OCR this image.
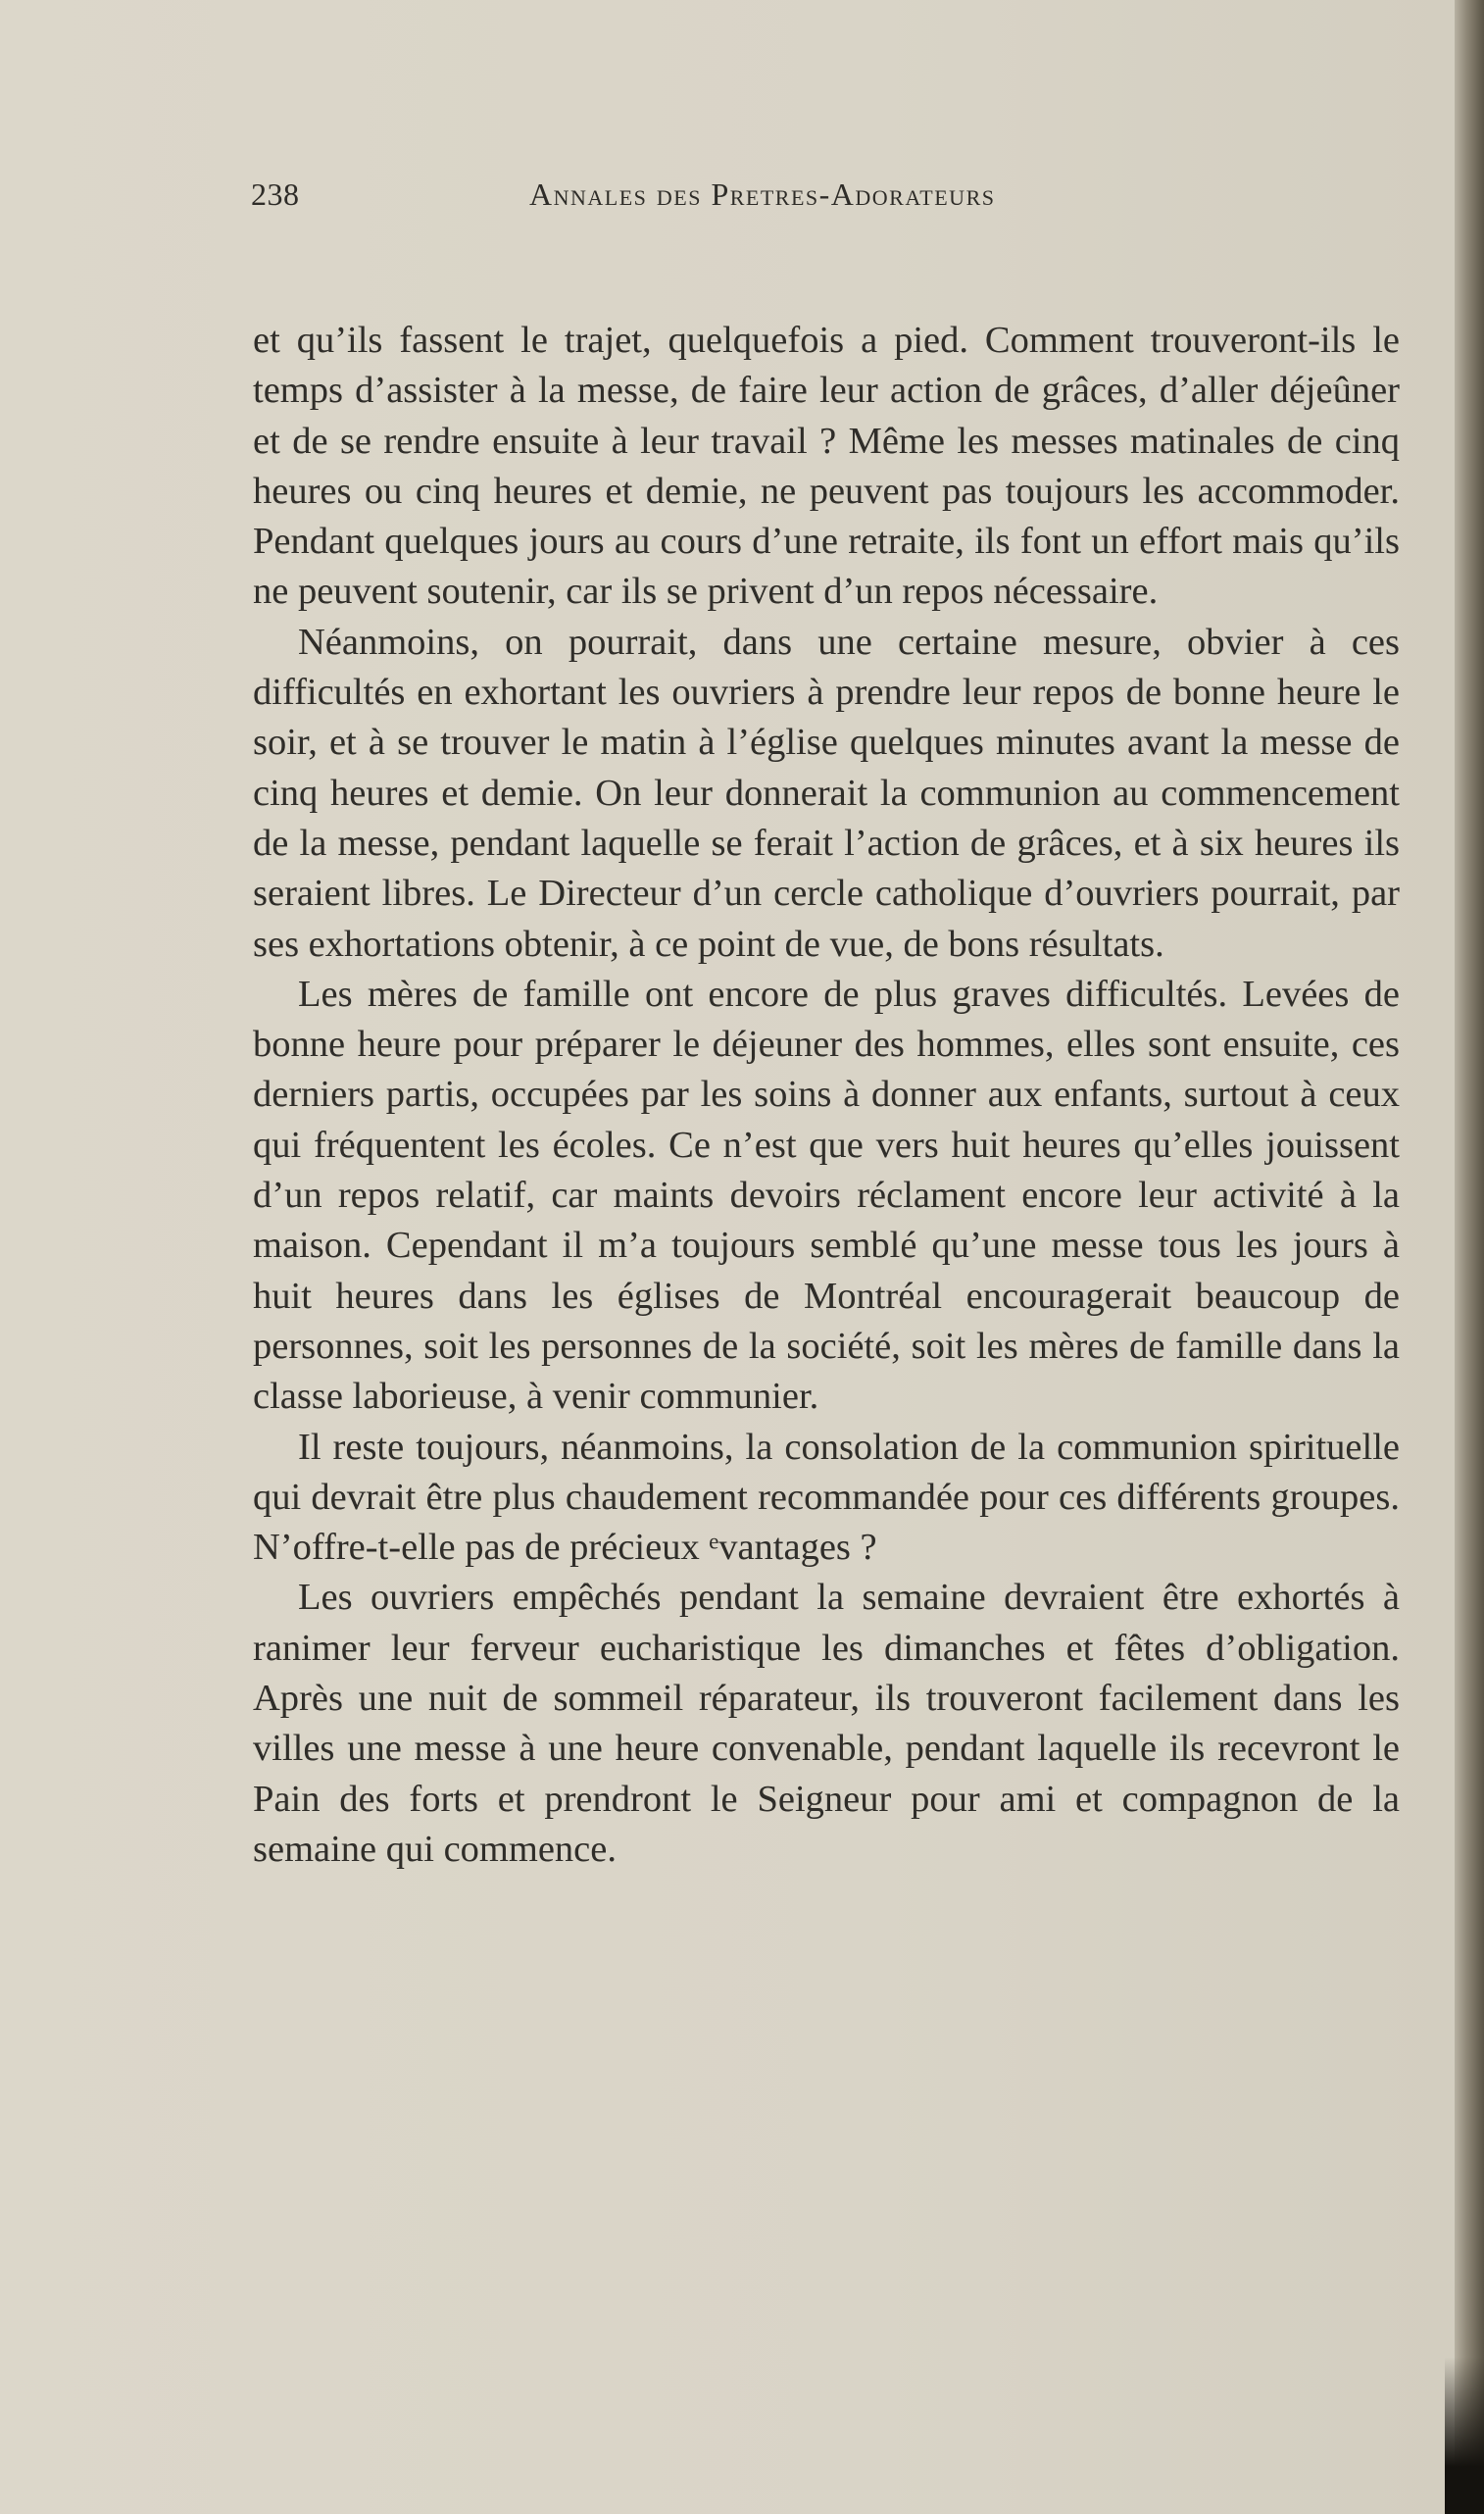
238	Annales des Pretres-Adorateurs

et qu’ils fassent le trajet, quelquefois a pied. Comment trouveront-ils le temps d’assister à la messe, de faire leur action de grâces, d’aller déjeûner et de se rendre ensuite à leur travail ? Même les messes matinales de cinq heures ou cinq heures et demie, ne peuvent pas toujours les accommoder. Pendant quelques jours au cours d’une retraite, ils font un effort mais qu’ils ne peuvent soutenir, car ils se privent d’un repos nécessaire.

Néanmoins, on pourrait, dans une certaine mesure, obvier à ces difficultés en exhortant les ouvriers à prendre leur repos de bonne heure le soir, et à se trouver le matin à l’église quelques minutes avant la messe de cinq heures et demie. On leur donnerait la communion au commencement de la messe, pendant laquelle se ferait l’action de grâces, et à six heures ils seraient libres. Le Directeur d’un cercle catholique d’ouvriers pourrait, par ses exhortations obtenir, à ce point de vue, de bons résultats.

Les mères de famille ont encore de plus graves difficultés. Levées de bonne heure pour préparer le déjeuner des hommes, elles sont ensuite, ces derniers partis, occupées par les soins à donner aux enfants, surtout à ceux qui fréquentent les écoles. Ce n’est que vers huit heures qu’elles jouissent d’un repos relatif, car maints devoirs réclament encore leur activité à la maison. Cependant il m’a toujours semblé qu’une messe tous les jours à huit heures dans les églises de Montréal encouragerait beaucoup de personnes, soit les personnes de la société, soit les mères de famille dans la classe laborieuse, à venir communier.

Il reste toujours, néanmoins, la consolation de la communion spirituelle qui devrait être plus chaudement recommandée pour ces différents groupes. N’offre-t-elle pas de précieux ᵉvantages ?

Les ouvriers empêchés pendant la semaine devraient être exhortés à ranimer leur ferveur eucharistique les dimanches et fêtes d’obligation. Après une nuit de sommeil réparateur, ils trouveront facilement dans les villes une messe à une heure convenable, pendant laquelle ils recevront le Pain des forts et prendront le Seigneur pour ami et compagnon de la semaine qui commence.
